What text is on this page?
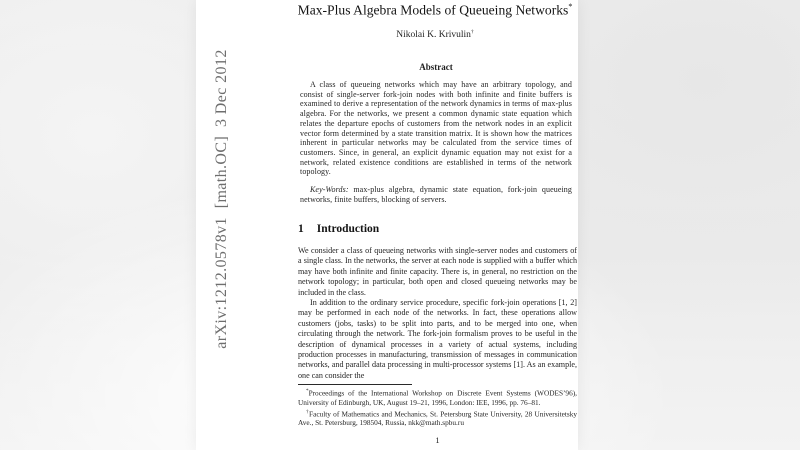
arXiv:1212.0578v1  [math.OC]  3 Dec 2012
Max-Plus Algebra Models of Queueing Networks*
Nikolai K. Krivulin†
Abstract

A class of queueing networks which may have an arbitrary topology, and consist of single-server fork-join nodes with both infinite and finite buffers is examined to derive a representation of the network dynamics in terms of max-plus algebra. For the networks, we present a common dynamic state equation which relates the departure epochs of customers from the network nodes in an explicit vector form determined by a state transition matrix. It is shown how the matrices inherent in particular networks may be calculated from the service times of customers. Since, in general, an explicit dynamic equation may not exist for a network, related existence conditions are established in terms of the network topology.

Key-Words: max-plus algebra, dynamic state equation, fork-join queueing networks, finite buffers, blocking of servers.

1 Introduction

We consider a class of queueing networks with single-server nodes and customers of a single class. In the networks, the server at each node is supplied with a buffer which may have both infinite and finite capacity. There is, in general, no restriction on the network topology; in particular, both open and closed queueing networks may be included in the class.

In addition to the ordinary service procedure, specific fork-join operations [1, 2] may be performed in each node of the networks. In fact, these operations allow customers (jobs, tasks) to be split into parts, and to be merged into one, when circulating through the network. The fork-join formalism proves to be useful in the description of dynamical processes in a variety of actual systems, including production processes in manufacturing, transmission of messages in communication networks, and parallel data processing in multi-processor systems [1]. As an example, one can consider the

*Proceedings of the International Workshop on Discrete Event Systems (WODES’96), University of Edinburgh, UK, August 19–21, 1996, London: IEE, 1996, pp. 76–81.

†Faculty of Mathematics and Mechanics, St. Petersburg State University, 28 Universitetsky Ave., St. Petersburg, 198504, Russia, nkk@math.spbu.ru

1
